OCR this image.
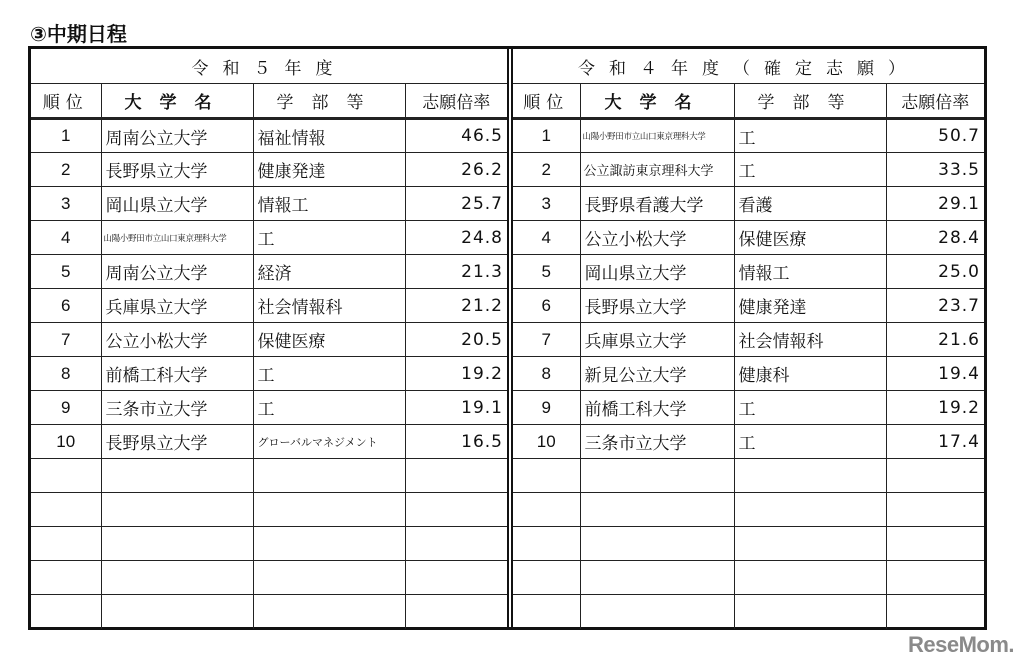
③中期日程
令和５年度			
順位	大学名	学部等	志願倍率
1	周南公立大学	福祉情報	46.5
2	長野県立大学	健康発達	26.2
3	岡山県立大学	情報工	25.7
4	山陽小野田市立山口東京理科大学	工	24.8
5	周南公立大学	経済	21.3
6	兵庫県立大学	社会情報科	21.2
7	公立小松大学	保健医療	20.5
8	前橋工科大学	工	19.2
9	三条市立大学	工	19.1
10	長野県立大学	グローバルマネジメント	16.5

令和４年度（確定志願）			
順位	大学名	学部等	志願倍率
1	山陽小野田市立山口東京理科大学	工	50.7
2	公立諏訪東京理科大学	工	33.5
3	長野県看護大学	看護	29.1
4	公立小松大学	保健医療	28.4
5	岡山県立大学	情報工	25.0
6	長野県立大学	健康発達	23.7
7	兵庫県立大学	社会情報科	21.6
8	新見公立大学	健康科	19.4
9	前橋工科大学	工	19.2
10	三条市立大学	工	17.4

ReseMom.
